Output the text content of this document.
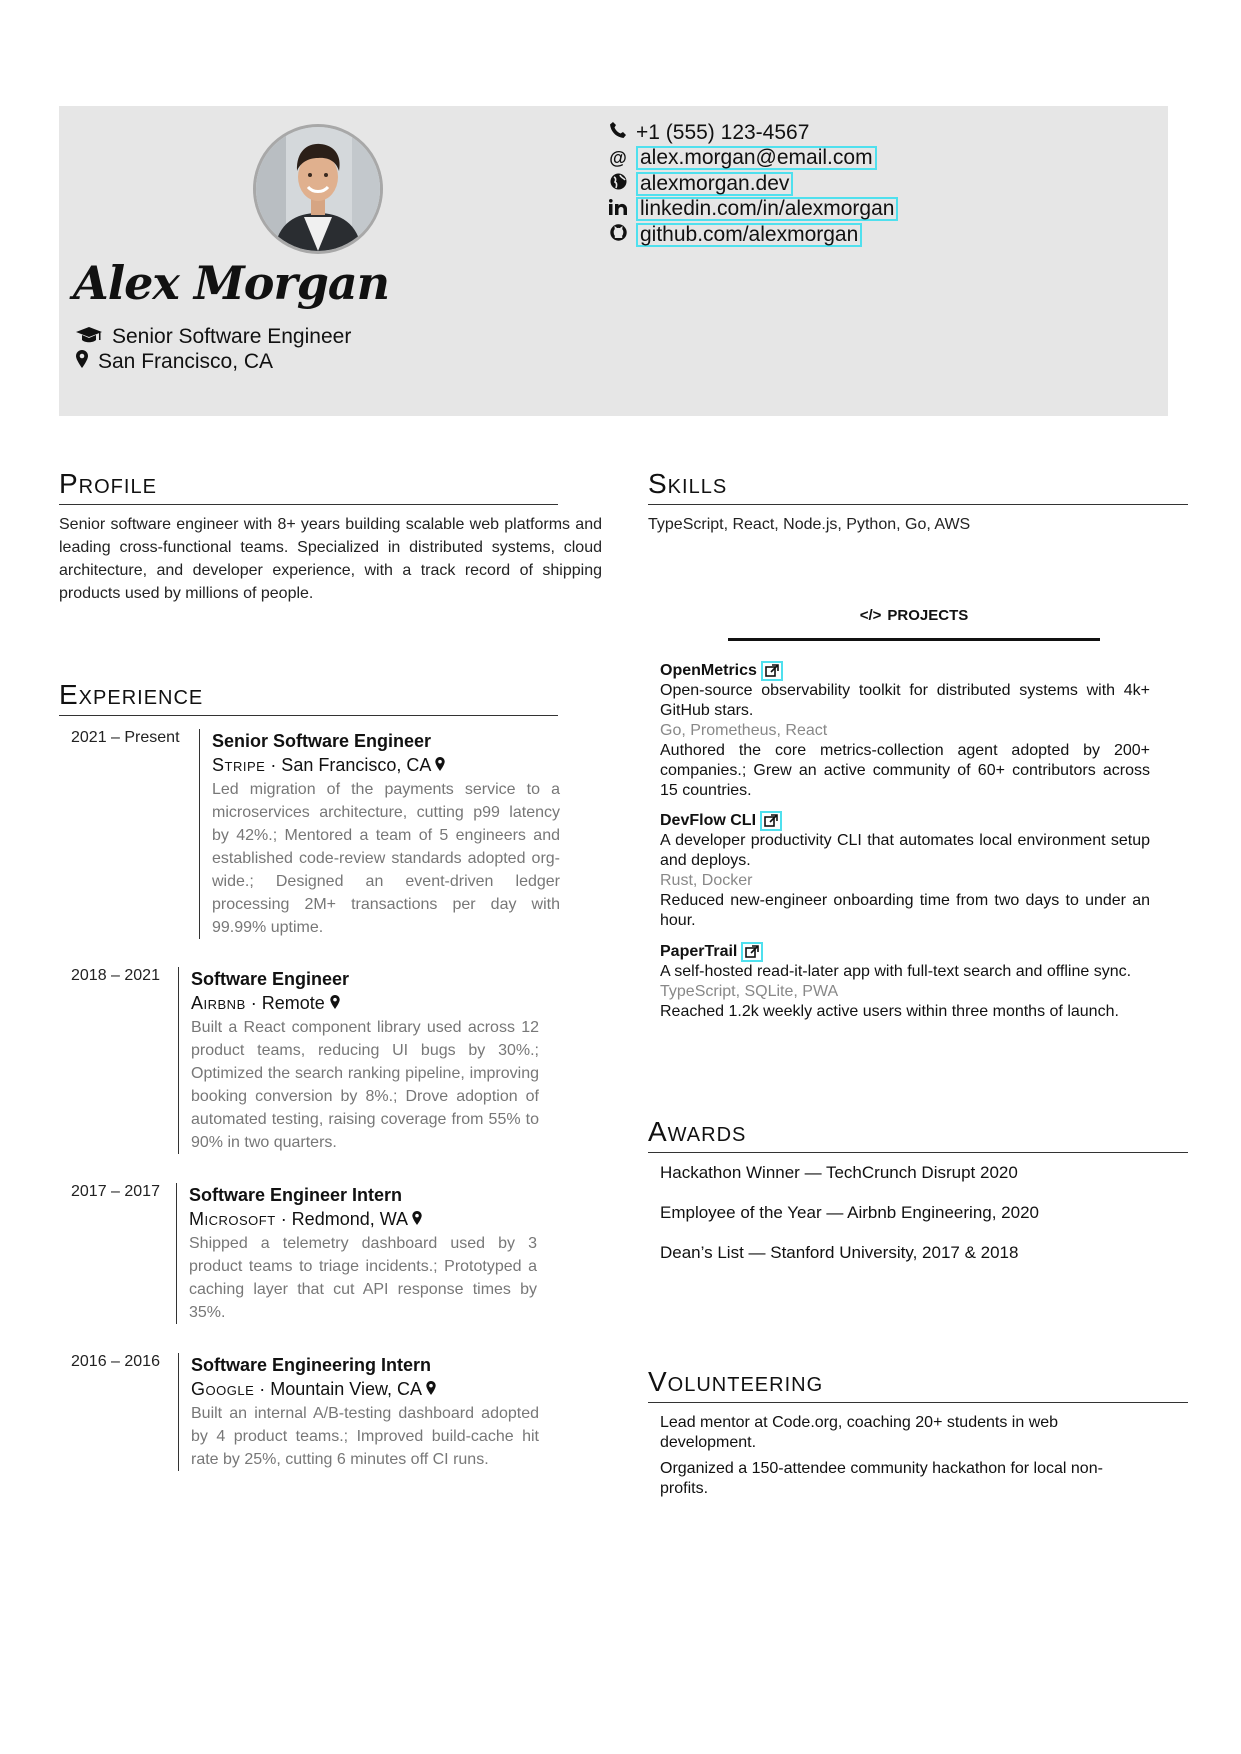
Alex Morgan
Senior Software Engineer
San Francisco, CA
+1 (555) 123-4567
@ alex.morgan@email.com
alexmorgan.dev
linkedin.com/in/alexmorgan
github.com/alexmorgan
Profile
Senior software engineer with 8+ years building scalable web platforms and leading cross-functional teams. Specialized in distributed systems, cloud architecture, and developer experience, with a track record of shipping products used by millions of people.
Skills
TypeScript, React, Node.js, Python, Go, AWS
Experience
2021 – Present Senior Software Engineer
Stripe · San Francisco, CA
Led migration of the payments service to a microservices architecture, cutting p99 latency by 42%.; Mentored a team of 5 engineers and established code-review standards adopted org-wide.; Designed an event-driven ledger processing 2M+ transactions per day with 99.99% uptime.
2018 – 2021 Software Engineer
Airbnb · Remote
Built a React component library used across 12 product teams, reducing UI bugs by 30%.; Optimized the search ranking pipeline, improving booking conversion by 8%.; Drove adoption of automated testing, raising coverage from 55% to 90% in two quarters.
2017 – 2017 Software Engineer Intern
Microsoft · Redmond, WA
Shipped a telemetry dashboard used by 3 product teams to triage incidents.; Prototyped a caching layer that cut API response times by 35%.
2016 – 2016 Software Engineering Intern
Google · Mountain View, CA
Built an internal A/B-testing dashboard adopted by 4 product teams.; Improved build-cache hit rate by 25%, cutting 6 minutes off CI runs.
</> PROJECTS
OpenMetrics
Open-source observability toolkit for distributed systems with 4k+ GitHub stars.
Go, Prometheus, React
Authored the core metrics-collection agent adopted by 200+ companies.; Grew an active community of 60+ contributors across 15 countries.
DevFlow CLI
A developer productivity CLI that automates local environment setup and deploys.
Rust, Docker
Reduced new-engineer onboarding time from two days to under an hour.
PaperTrail
A self-hosted read-it-later app with full-text search and offline sync.
TypeScript, SQLite, PWA
Reached 1.2k weekly active users within three months of launch.
Awards
Hackathon Winner — TechCrunch Disrupt 2020
Employee of the Year — Airbnb Engineering, 2020
Dean’s List — Stanford University, 2017 & 2018
Volunteering
Lead mentor at Code.org, coaching 20+ students in web development.
Organized a 150-attendee community hackathon for local non-profits.
